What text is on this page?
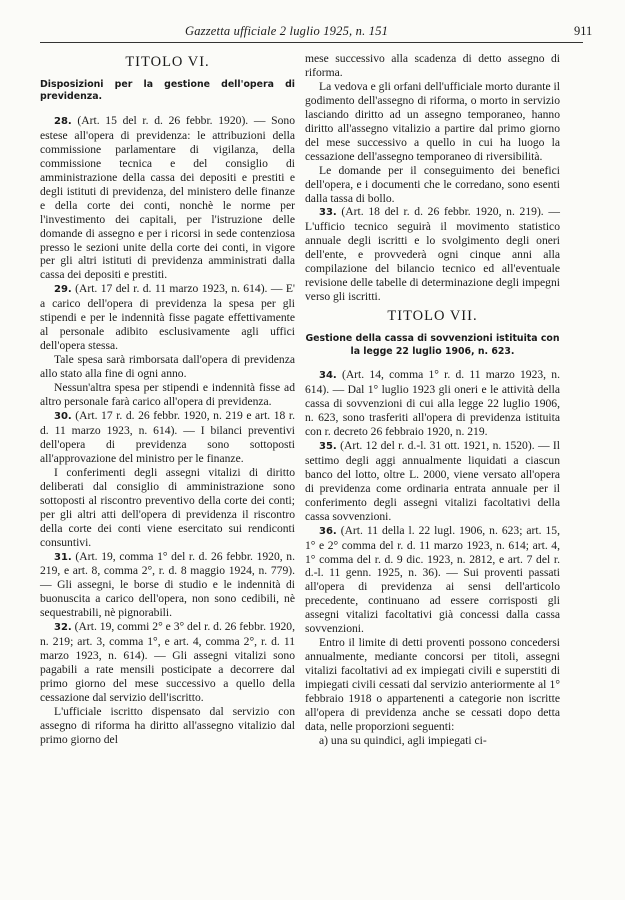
Gazzetta ufficiale 2 luglio 1925, n. 151	911
TITOLO VI.
Disposizioni per la gestione dell'opera di previdenza.

28. (Art. 15 del r. d. 26 febbr. 1920). — Sono estese all'opera di previdenza: le attribuzioni della commissione parlamentare di vigilanza, della commissione tecnica e del consiglio di amministrazione della cassa dei depositi e prestiti e degli istituti di previdenza, del ministero delle finanze e della corte dei conti, nonchè le norme per l'investimento dei capitali, per l'istruzione delle domande di assegno e per i ricorsi in sede contenziosa presso le sezioni unite della corte dei conti, in vigore per gli altri istituti di previdenza amministrati dalla cassa dei depositi e prestiti.

29. (Art. 17 del r. d. 11 marzo 1923, n. 614). — E' a carico dell'opera di previdenza la spesa per gli stipendi e per le indennità fisse pagate effettivamente al personale adibito esclusivamente agli uffici dell'opera stessa.

Tale spesa sarà rimborsata dall'opera di previdenza allo stato alla fine di ogni anno.

Nessun'altra spesa per stipendi e indennità fisse ad altro personale farà carico all'opera di previdenza.

30. (Art. 17 r. d. 26 febbr. 1920, n. 219 e art. 18 r. d. 11 marzo 1923, n. 614). — I bilanci preventivi dell'opera di previdenza sono sottoposti all'approvazione del ministro per le finanze.

I conferimenti degli assegni vitalizi di diritto deliberati dal consiglio di amministrazione sono sottoposti al riscontro preventivo della corte dei conti; per gli altri atti dell'opera di previdenza il riscontro della corte dei conti viene esercitato sui rendiconti consuntivi.

31. (Art. 19, comma 1° del r. d. 26 febbr. 1920, n. 219, e art. 8, comma 2°, r. d. 8 maggio 1924, n. 779). — Gli assegni, le borse di studio e le indennità di buonuscita a carico dell'opera, non sono cedibili, nè sequestrabili, nè pignorabili.

32. (Art. 19, commi 2° e 3° del r. d. 26 febbr. 1920, n. 219; art. 3, comma 1°, e art. 4, comma 2°, r. d. 11 marzo 1923, n. 614). — Gli assegni vitalizi sono pagabili a rate mensili posticipate a decorrere dal primo giorno del mese successivo a quello della cessazione dal servizio dell'iscritto.

L'ufficiale iscritto dispensato dal servizio con assegno di riforma ha diritto all'assegno vitalizio dal primo giorno del

mese successivo alla scadenza di detto assegno di riforma.

La vedova e gli orfani dell'ufficiale morto durante il godimento dell'assegno di riforma, o morto in servizio lasciando diritto ad un assegno temporaneo, hanno diritto all'assegno vitalizio a partire dal primo giorno del mese successivo a quello in cui ha luogo la cessazione dell'assegno temporaneo di riversibilità.

Le domande per il conseguimento dei benefici dell'opera, e i documenti che le corredano, sono esenti dalla tassa di bollo.

33. (Art. 18 del r. d. 26 febbr. 1920, n. 219). — L'ufficio tecnico seguirà il movimento statistico annuale degli iscritti e lo svolgimento degli oneri dell'ente, e provvederà ogni cinque anni alla compilazione del bilancio tecnico ed all'eventuale revisione delle tabelle di determinazione degli impegni verso gli iscritti.

TITOLO VII.
Gestione della cassa di sovvenzioni istituita con la legge 22 luglio 1906, n. 623.

34. (Art. 14, comma 1° r. d. 11 marzo 1923, n. 614). — Dal 1° luglio 1923 gli oneri e le attività della cassa di sovvenzioni di cui alla legge 22 luglio 1906, n. 623, sono trasferiti all'opera di previdenza istituita con r. decreto 26 febbraio 1920, n. 219.

35. (Art. 12 del r. d.-l. 31 ott. 1921, n. 1520). — Il settimo degli aggi annualmente liquidati a ciascun banco del lotto, oltre L. 2000, viene versato all'opera di previdenza come ordinaria entrata annuale per il conferimento degli assegni vitalizi facoltativi della cassa sovvenzioni.

36. (Art. 11 della l. 22 lugl. 1906, n. 623; art. 15, 1° e 2° comma del r. d. 11 marzo 1923, n. 614; art. 4, 1° comma del r. d. 9 dic. 1923, n. 2812, e art. 7 del r. d.-l. 11 genn. 1925, n. 36). — Sui proventi passati all'opera di previdenza ai sensi dell'articolo precedente, continuano ad essere corrisposti gli assegni vitalizi facoltativi già concessi dalla cassa sovvenzioni.

Entro il limite di detti proventi possono concedersi annualmente, mediante concorsi per titoli, assegni vitalizi facoltativi ad ex impiegati civili e superstiti di impiegati civili cessati dal servizio anteriormente al 1° febbraio 1918 o appartenenti a categorie non iscritte all'opera di previdenza anche se cessati dopo detta data, nelle proporzioni seguenti:

a) una su quindici, agli impiegati ci-
